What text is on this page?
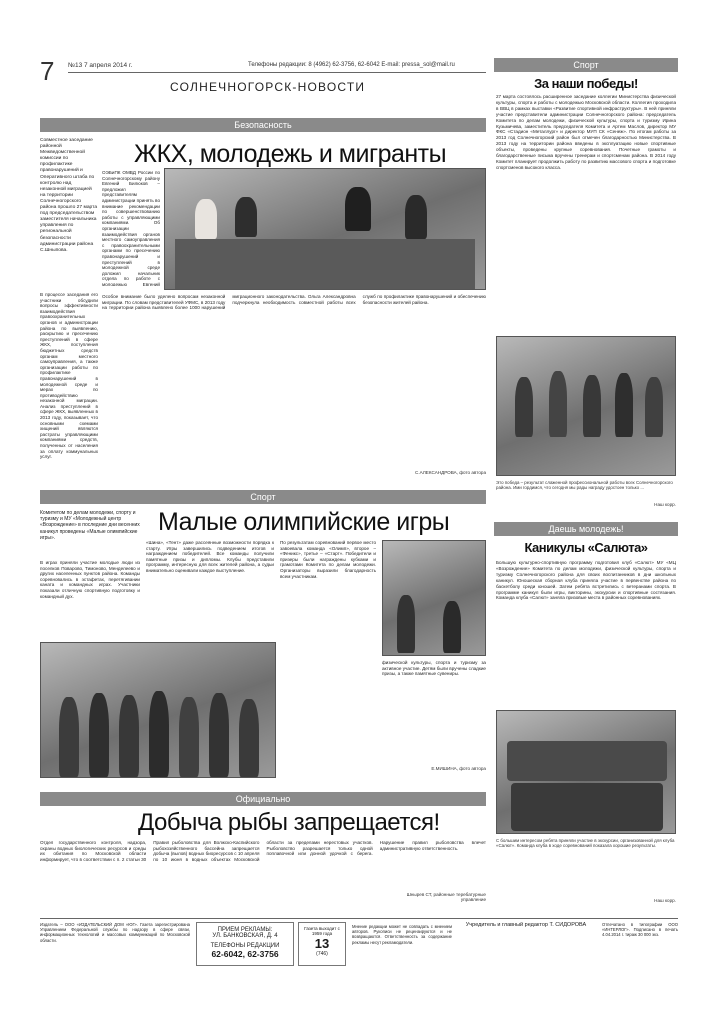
7 №13 7 апреля 2014 г.	Телефоны редакции: 8 (4962) 62-3756, 62-6042 E-mail: pressa_sol@mail.ru
СОЛНЕЧНОГОРСК-НОВОСТИ
Безопасность
Совместное заседание районной Межведомственной комиссии по профилактике правонарушений и Оперативного штаба по контролю над незаконной миграцией на территории Солнечногорского района прошло 27 марта под председательством заместителя начальника управления по региональной безопасности администрации района С.Шныпова.
ЖКХ, молодежь и мигранты
ОЭБиПК ОМВД России по Солнечногорскому району Евгений Билюков – предложил представителям администрации принять во внимание рекомендации по совершенствованию работы с управляющими компаниями. Об организации взаимодействия органов местного самоуправления с правоохранительными органами по пресечению правонарушений и преступлений в молодежной среде доложил начальник отдела по работе с молодежью Евгений
В процессе заседания его участники обсудили вопросы эффективности взаимодействия правоохранительных органов и администрации района по выявлению, раскрытию и пресечению преступлений в сфере ЖКХ, поступления бюджетных средств органам местного самоуправления, а также организации работы по профилактике правонарушений в молодежной среде и мерах по противодействию незаконной миграции. Анализ преступлений в сфере ЖКХ, выявленных в 2013 году, показывает, что основными схемами хищений являются растраты управляющими компаниями средств, полученных от населения за оплату коммунальных услуг.
Особое внимание было уделено вопросам незаконной миграции. По словам представителей УФМС, в 2013 году на территории района выявлено более 1000 нарушений миграционного законодательства. Ольга Александровна подчеркнула необходимость совместной работы всех служб по профилактике правонарушений и обеспечению безопасности жителей района.
С.АЛЕКСАНДРОВА, фото автора
Спорт
За наши победы!
27 марта состоялось расширенное заседание коллегии Министерства физической культуры, спорта и работы с молодежью Московской области. Коллегия проходила в ВВЦ в рамках выставки «Развитие спортивной инфраструктуры». В ней приняли участие представители администрации Солнечногорского района: председатель Комитета по делам молодежи, физической культуры, спорта и туризму Ирина Кузьмичева, заместитель председателя Комитета и Артем Маслов, директор МУ ФКС «Стадион «Металлург» и директор МУП СК «Сенеж». По итогам работы за 2013 год Солнечногорский район был отмечен благодарностью Министерства. В 2013 году на территории района введены в эксплуатацию новые спортивные объекты, проведены крупные соревнования. Почетные грамоты и благодарственные письма вручены тренерам и спортсменам района. В 2014 году Комитет планирует продолжить работу по развитию массового спорта и подготовке спортсменов высокого класса.
Это победа – результат слаженной профессиональной работы всех Солнечногорского района. Ими гордимся, что сегодня мы рады награду удостоен только ...
Наш корр.
Спорт
Комитетом по делам молодежи, спорту и туризму и МУ «Молодежный центр «Возрождение» в последние дни весенних каникул проведены «Малые олимпийские игры».
Малые олимпийские игры
В играх приняли участие молодые люди из поселков Поварово, Тимоново, Менделеево и других населенных пунктов района. Команды соревновались в эстафетах, перетягивании каната и командных играх. Участники показали отличную спортивную подготовку и командный дух.
«Шина», «Тент» даже рассеянные возможности порядка к старту. Игры завершились подведением итогов и награждением победителей. Все команды получили памятные призы и дипломы. Клубы представили программу, интересную для всех жителей района, а судьи внимательно оценивали каждое выступление.
По результатам соревнований первое место завоевала команда «Олимп», второе – «Феникс», третье – «Старт». Победители и призеры были награждены кубками и грамотами Комитета по делам молодежи. Организаторы выразили благодарность всем участникам.
физической культуры, спорта и туризму за активное участие. Детям были вручены сладкие призы, а также памятные сувениры.
Е.МИШИНА, фото автора
Даешь молодежь!
Каникулы «Салюта»
Большую культурно-спортивную программу подготовил клуб «Салют» МУ «МЦ «Возрождение» Комитета по делам молодежи, физической культуры, спорта и туризму Солнечногорского района для своих воспитанников в дни школьных каникул. Юношеская сборная клуба приняла участие в первенстве района по баскетболу среди юношей. Затем ребята встретились с ветеранами спорта. В программе каникул были игры, викторины, экскурсии и спортивные состязания. Команда клуба «Салют» заняла призовые места в районных соревнованиях.
С большим интересом ребята приняли участие в экскурсии, организованной для клуба «Салют». Команда клуба в ходе соревнований показала хорошие результаты.
Наш корр.
Официально
Добыча рыбы запрещается!
Отдел государственного контроля, надзора, охраны водных биологических ресурсов и среды их обитания по Московской области информирует, что в соответствии с п. 2 статьи 30 Правил рыболовства для Волжско-Каспийского рыбохозяйственного бассейна запрещается добыча (вылов) водных биоресурсов с 10 апреля по 10 июня в водных объектах Московской области за пределами нерестовых участков. Рыболовство разрешается только одной поплавочной или донной удочкой с берега. Нарушение правил рыболовства влечет административную ответственность.
Шнырев СТ, районные теребатурные управление
Издатель – ООО «ИЗДАТЕЛЬСКИЙ ДОМ «ЮГ». Газета зарегистрирована Управлением Федеральной службы по надзору в сфере связи, информационных технологий и массовых коммуникаций по Московской области.
ПРИЕМ РЕКЛАМЫ:
УЛ. БАНКОВСКАЯ, Д. 4
ТЕЛЕФОНЫ РЕДАКЦИИ
62-6042, 62-3756
Газета выходит с 1959 года
13
(746)
Мнение редакции может не совпадать с мнением авторов. Рукописи не рецензируются и не возвращаются. Ответственность за содержание рекламы несут рекламодатели.
Учредитель и главный редактор Т. СИДОРОВА	Отпечатано в типографии ООО «ИНТЕРЛОГ». Подписано в печать 4.04.2014 г. тираж 30 000 экз.
